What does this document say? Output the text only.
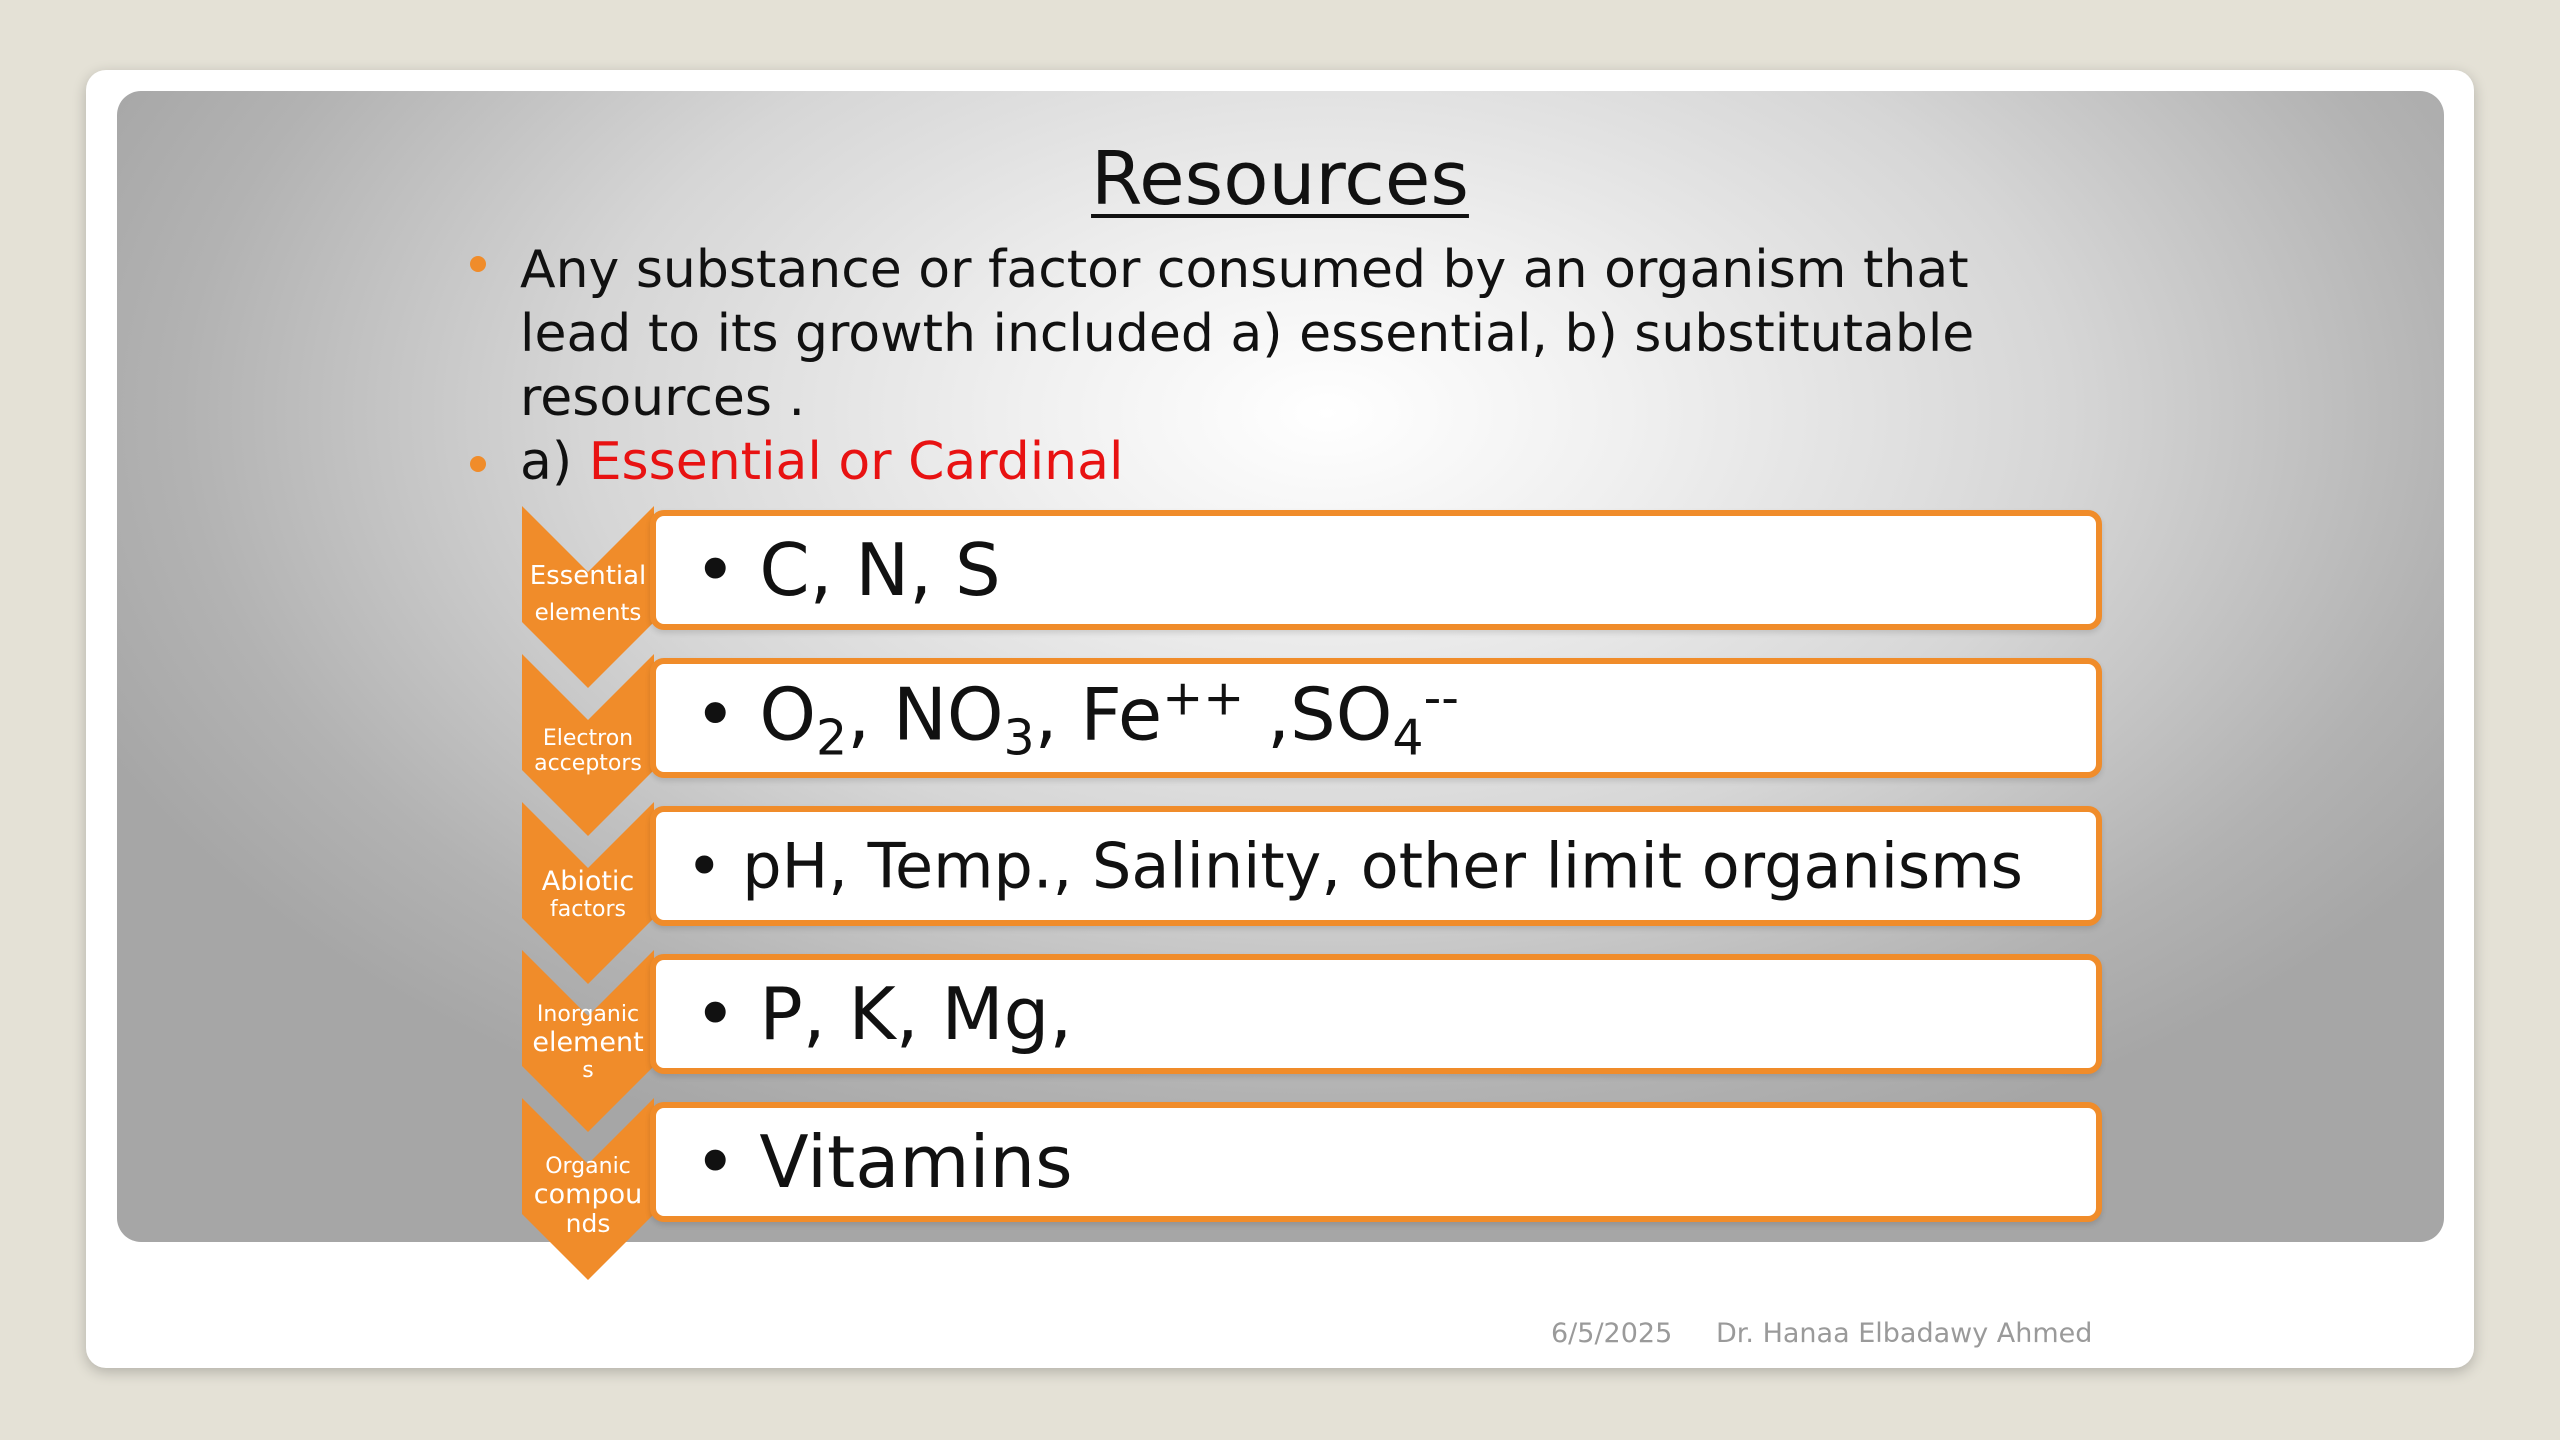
Resources
Any substance or factor consumed by an organism that
lead to its growth included a) essential, b) substitutable
resources .
a) Essential or Cardinal
Essential
elements
• C, N, S
Electron
acceptors
• $O_2$, $NO_3$, Fe++ $,SO_4^{--}$
Abiotic
factors
• pH, Temp., Salinity, other limit organisms
Inorganic
element
s
• P, K, Mg,
Organic
compou
nds
• Vitamins
6/5/2025 Dr. Hanaa Elbadawy Ahmed
